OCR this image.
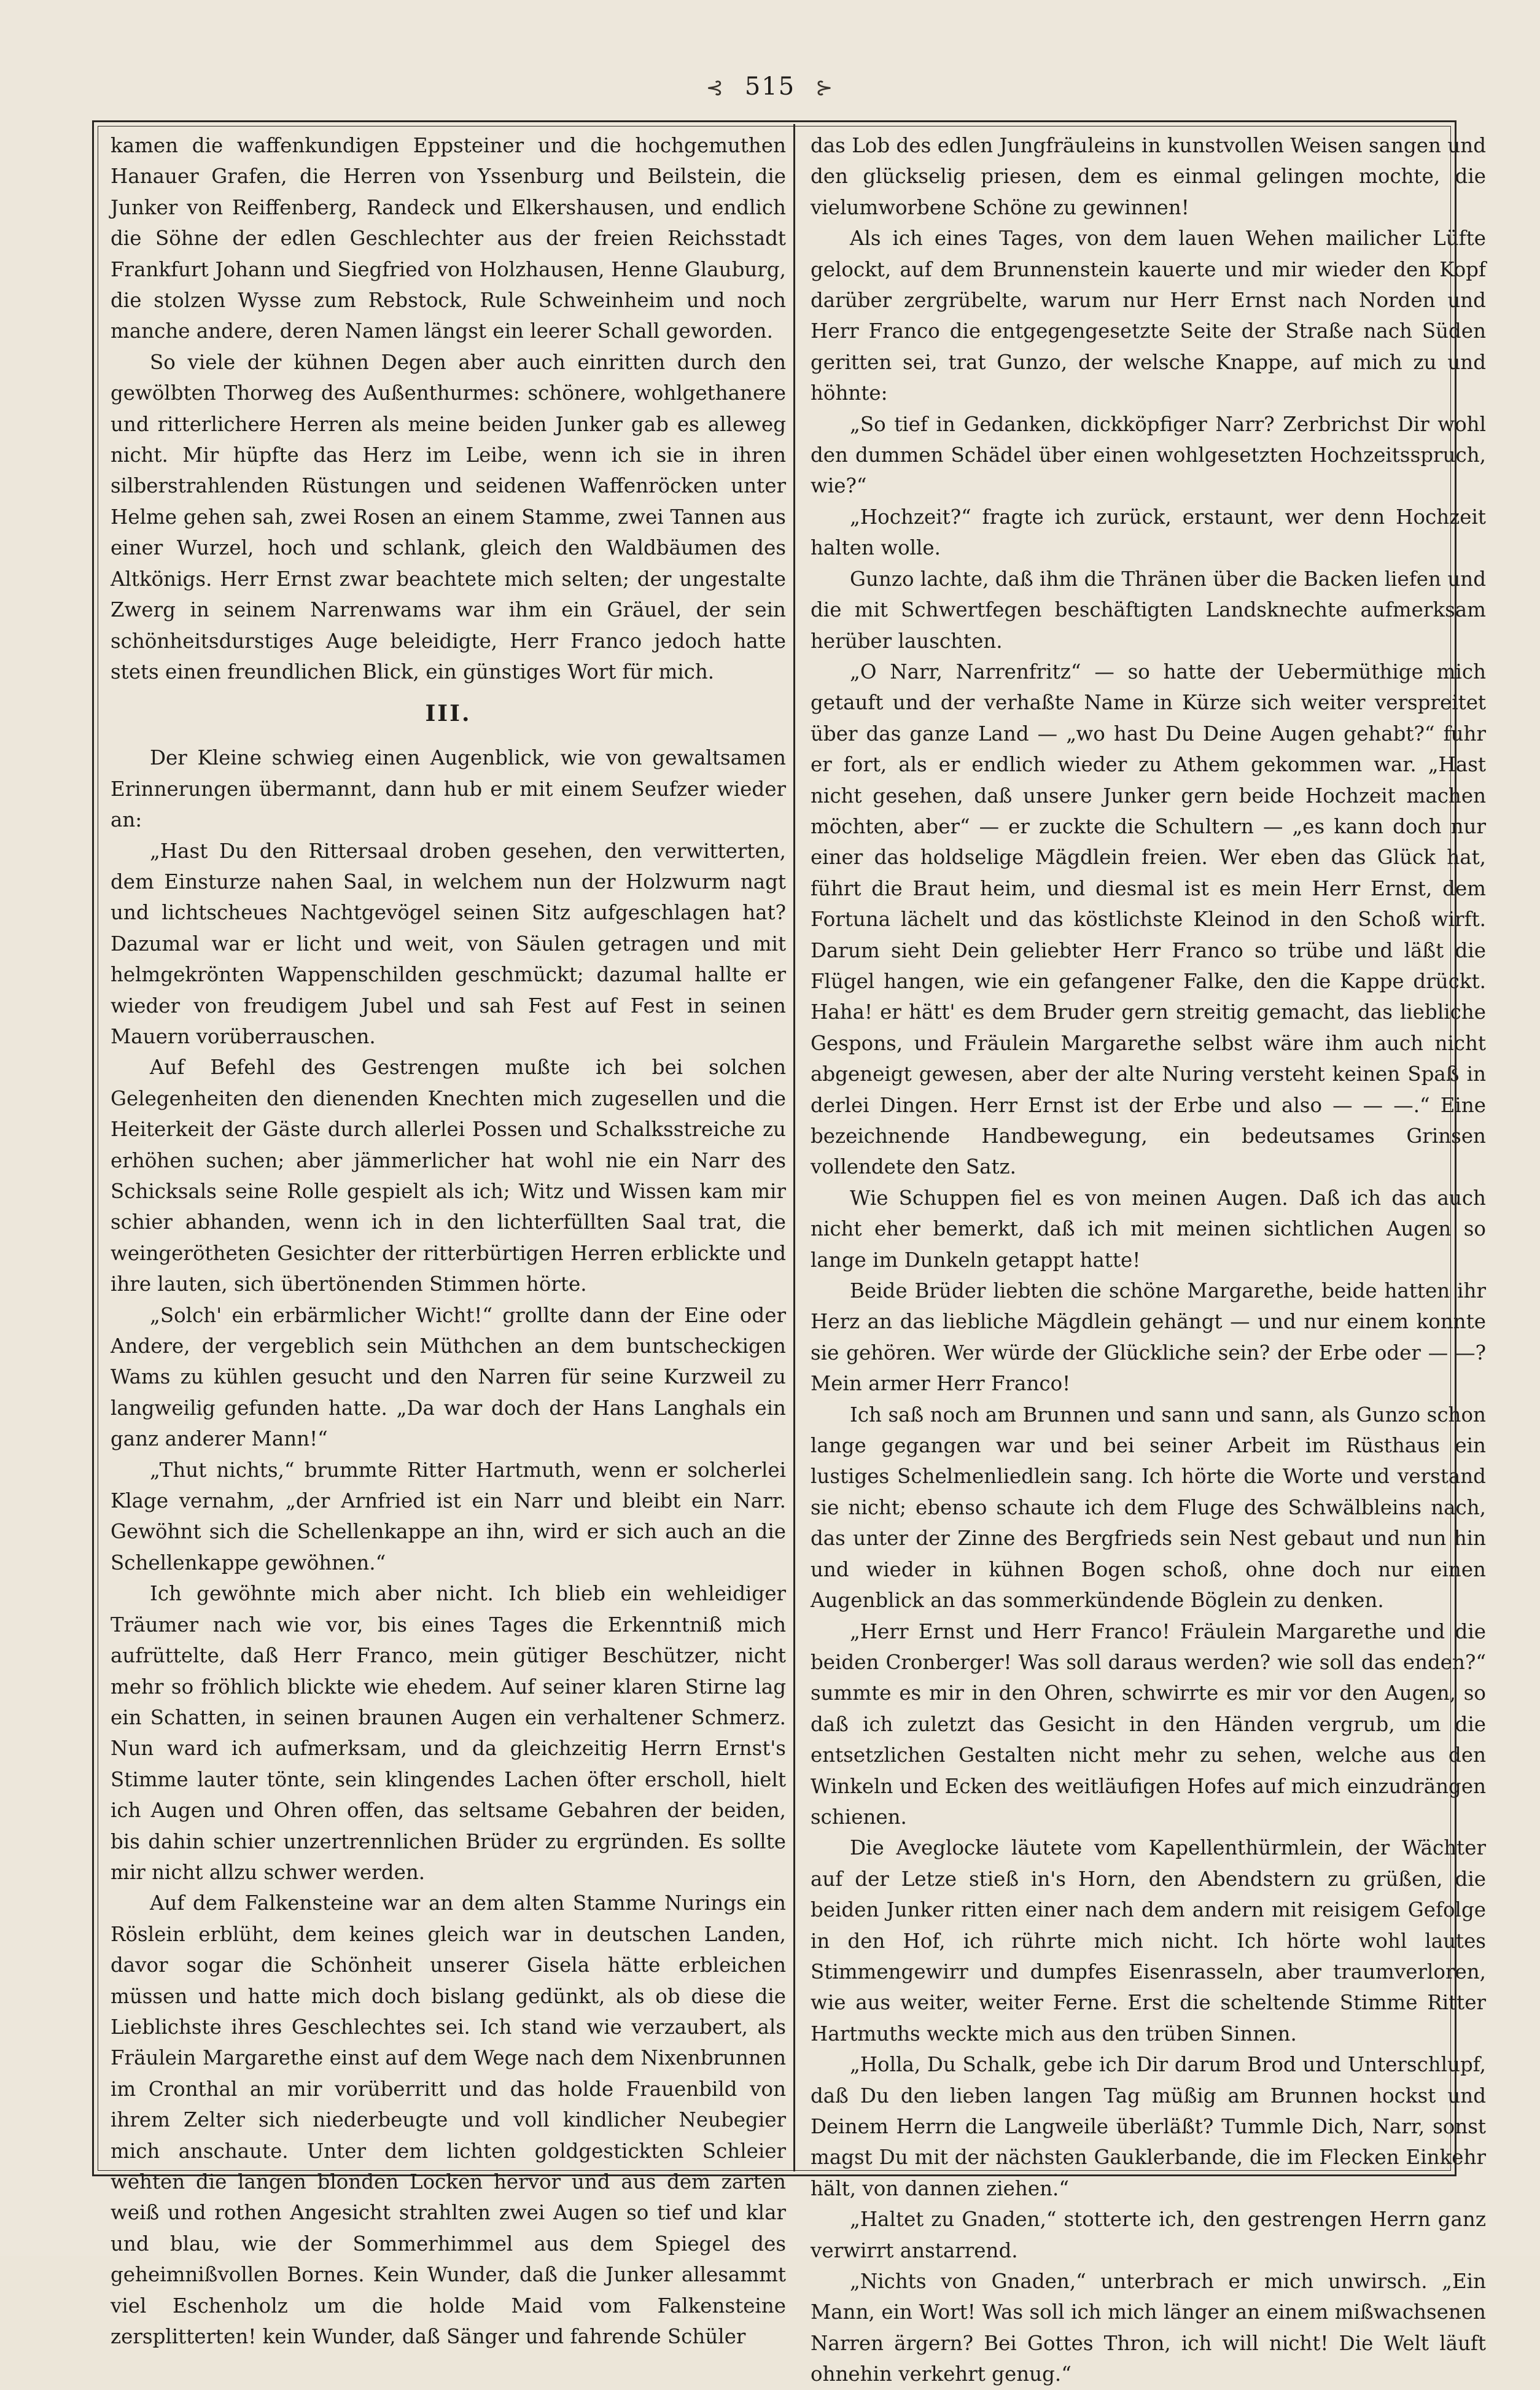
⊰ 515 ⊱

kamen die waffenkundigen Eppsteiner und die hochgemuthen Hanauer Grafen, die Herren von Yssenburg und Beilstein, die Junker von Reiffenberg, Randeck und Elkershausen, und endlich die Söhne der edlen Geschlechter aus der freien Reichsstadt Frankfurt Johann und Siegfried von Holzhausen, Henne Glauburg, die stolzen Wysse zum Rebstock, Rule Schweinheim und noch manche andere, deren Namen längst ein leerer Schall geworden.

So viele der kühnen Degen aber auch einritten durch den gewölbten Thorweg des Außenthurmes: schönere, wohlgethanere und ritterlichere Herren als meine beiden Junker gab es alleweg nicht. Mir hüpfte das Herz im Leibe, wenn ich sie in ihren silberstrahlenden Rüstungen und seidenen Waffenröcken unter Helme gehen sah, zwei Rosen an einem Stamme, zwei Tannen aus einer Wurzel, hoch und schlank, gleich den Waldbäumen des Altkönigs. Herr Ernst zwar beachtete mich selten; der ungestalte Zwerg in seinem Narrenwams war ihm ein Gräuel, der sein schönheitsdurstiges Auge beleidigte, Herr Franco jedoch hatte stets einen freundlichen Blick, ein günstiges Wort für mich.

III.

Der Kleine schwieg einen Augenblick, wie von gewaltsamen Erinnerungen übermannt, dann hub er mit einem Seufzer wieder an:

„Hast Du den Rittersaal droben gesehen, den verwitterten, dem Einsturze nahen Saal, in welchem nun der Holzwurm nagt und lichtscheues Nachtgevögel seinen Sitz aufgeschlagen hat? Dazumal war er licht und weit, von Säulen getragen und mit helmgekrönten Wappenschilden geschmückt; dazumal hallte er wieder von freudigem Jubel und sah Fest auf Fest in seinen Mauern vorüberrauschen.

Auf Befehl des Gestrengen mußte ich bei solchen Gelegenheiten den dienenden Knechten mich zugesellen und die Heiterkeit der Gäste durch allerlei Possen und Schalksstreiche zu erhöhen suchen; aber jämmerlicher hat wohl nie ein Narr des Schicksals seine Rolle gespielt als ich; Witz und Wissen kam mir schier abhanden, wenn ich in den lichterfüllten Saal trat, die weingerötheten Gesichter der ritterbürtigen Herren erblickte und ihre lauten, sich übertönenden Stimmen hörte.

„Solch' ein erbärmlicher Wicht!“ grollte dann der Eine oder Andere, der vergeblich sein Müthchen an dem buntscheckigen Wams zu kühlen gesucht und den Narren für seine Kurzweil zu langweilig gefunden hatte. „Da war doch der Hans Langhals ein ganz anderer Mann!“

„Thut nichts,“ brummte Ritter Hartmuth, wenn er solcherlei Klage vernahm, „der Arnfried ist ein Narr und bleibt ein Narr. Gewöhnt sich die Schellenkappe an ihn, wird er sich auch an die Schellenkappe gewöhnen.“

Ich gewöhnte mich aber nicht. Ich blieb ein wehleidiger Träumer nach wie vor, bis eines Tages die Erkenntniß mich aufrüttelte, daß Herr Franco, mein gütiger Beschützer, nicht mehr so fröhlich blickte wie ehedem. Auf seiner klaren Stirne lag ein Schatten, in seinen braunen Augen ein verhaltener Schmerz. Nun ward ich aufmerksam, und da gleichzeitig Herrn Ernst's Stimme lauter tönte, sein klingendes Lachen öfter erscholl, hielt ich Augen und Ohren offen, das seltsame Gebahren der beiden, bis dahin schier unzertrennlichen Brüder zu ergründen. Es sollte mir nicht allzu schwer werden.

Auf dem Falkensteine war an dem alten Stamme Nurings ein Röslein erblüht, dem keines gleich war in deutschen Landen, davor sogar die Schönheit unserer Gisela hätte erbleichen müssen und hatte mich doch bislang gedünkt, als ob diese die Lieblichste ihres Geschlechtes sei. Ich stand wie verzaubert, als Fräulein Margarethe einst auf dem Wege nach dem Nixenbrunnen im Cronthal an mir vorüberritt und das holde Frauenbild von ihrem Zelter sich niederbeugte und voll kindlicher Neubegier mich anschaute. Unter dem lichten goldgestickten Schleier wehten die langen blonden Locken hervor und aus dem zarten weiß und rothen Angesicht strahlten zwei Augen so tief und klar und blau, wie der Sommerhimmel aus dem Spiegel des geheimnißvollen Bornes. Kein Wunder, daß die Junker allesammt viel Eschenholz um die holde Maid vom Falkensteine zersplitterten! kein Wunder, daß Sänger und fahrende Schüler

das Lob des edlen Jungfräuleins in kunstvollen Weisen sangen und den glückselig priesen, dem es einmal gelingen mochte, die vielumworbene Schöne zu gewinnen!

Als ich eines Tages, von dem lauen Wehen mailicher Lüfte gelockt, auf dem Brunnenstein kauerte und mir wieder den Kopf darüber zergrübelte, warum nur Herr Ernst nach Norden und Herr Franco die entgegengesetzte Seite der Straße nach Süden geritten sei, trat Gunzo, der welsche Knappe, auf mich zu und höhnte:

„So tief in Gedanken, dickköpfiger Narr? Zerbrichst Dir wohl den dummen Schädel über einen wohlgesetzten Hochzeitsspruch, wie?“

„Hochzeit?“ fragte ich zurück, erstaunt, wer denn Hochzeit halten wolle.

Gunzo lachte, daß ihm die Thränen über die Backen liefen und die mit Schwertfegen beschäftigten Landsknechte aufmerksam herüber lauschten.

„O Narr, Narrenfritz“ — so hatte der Uebermüthige mich getauft und der verhaßte Name in Kürze sich weiter verspreitet über das ganze Land — „wo hast Du Deine Augen gehabt?“ fuhr er fort, als er endlich wieder zu Athem gekommen war. „Hast nicht gesehen, daß unsere Junker gern beide Hochzeit machen möchten, aber“ — er zuckte die Schultern — „es kann doch nur einer das holdselige Mägdlein freien. Wer eben das Glück hat, führt die Braut heim, und diesmal ist es mein Herr Ernst, dem Fortuna lächelt und das köstlichste Kleinod in den Schoß wirft. Darum sieht Dein geliebter Herr Franco so trübe und läßt die Flügel hangen, wie ein gefangener Falke, den die Kappe drückt. Haha! er hätt' es dem Bruder gern streitig gemacht, das liebliche Gespons, und Fräulein Margarethe selbst wäre ihm auch nicht abgeneigt gewesen, aber der alte Nuring versteht keinen Spaß in derlei Dingen. Herr Ernst ist der Erbe und also — — —.“ Eine bezeichnende Handbewegung, ein bedeutsames Grinsen vollendete den Satz.

Wie Schuppen fiel es von meinen Augen. Daß ich das auch nicht eher bemerkt, daß ich mit meinen sichtlichen Augen so lange im Dunkeln getappt hatte!

Beide Brüder liebten die schöne Margarethe, beide hatten ihr Herz an das liebliche Mägdlein gehängt — und nur einem konnte sie gehören. Wer würde der Glückliche sein? der Erbe oder — —? Mein armer Herr Franco!

Ich saß noch am Brunnen und sann und sann, als Gunzo schon lange gegangen war und bei seiner Arbeit im Rüsthaus ein lustiges Schelmenliedlein sang. Ich hörte die Worte und verstand sie nicht; ebenso schaute ich dem Fluge des Schwälbleins nach, das unter der Zinne des Bergfrieds sein Nest gebaut und nun hin und wieder in kühnen Bogen schoß, ohne doch nur einen Augenblick an das sommerkündende Böglein zu denken.

„Herr Ernst und Herr Franco! Fräulein Margarethe und die beiden Cronberger! Was soll daraus werden? wie soll das enden?“ summte es mir in den Ohren, schwirrte es mir vor den Augen, so daß ich zuletzt das Gesicht in den Händen vergrub, um die entsetzlichen Gestalten nicht mehr zu sehen, welche aus den Winkeln und Ecken des weitläufigen Hofes auf mich einzudrängen schienen.

Die Aveglocke läutete vom Kapellenthürmlein, der Wächter auf der Letze stieß in's Horn, den Abendstern zu grüßen, die beiden Junker ritten einer nach dem andern mit reisigem Gefolge in den Hof, ich rührte mich nicht. Ich hörte wohl lautes Stimmengewirr und dumpfes Eisenrasseln, aber traumverloren, wie aus weiter, weiter Ferne. Erst die scheltende Stimme Ritter Hartmuths weckte mich aus den trüben Sinnen.

„Holla, Du Schalk, gebe ich Dir darum Brod und Unterschlupf, daß Du den lieben langen Tag müßig am Brunnen hockst und Deinem Herrn die Langweile überläßt? Tummle Dich, Narr, sonst magst Du mit der nächsten Gauklerbande, die im Flecken Einkehr hält, von dannen ziehen.“

„Haltet zu Gnaden,“ stotterte ich, den gestrengen Herrn ganz verwirrt anstarrend.

„Nichts von Gnaden,“ unterbrach er mich unwirsch. „Ein Mann, ein Wort! Was soll ich mich länger an einem mißwachsenen Narren ärgern? Bei Gottes Thron, ich will nicht! Die Welt läuft ohnehin verkehrt genug.“
